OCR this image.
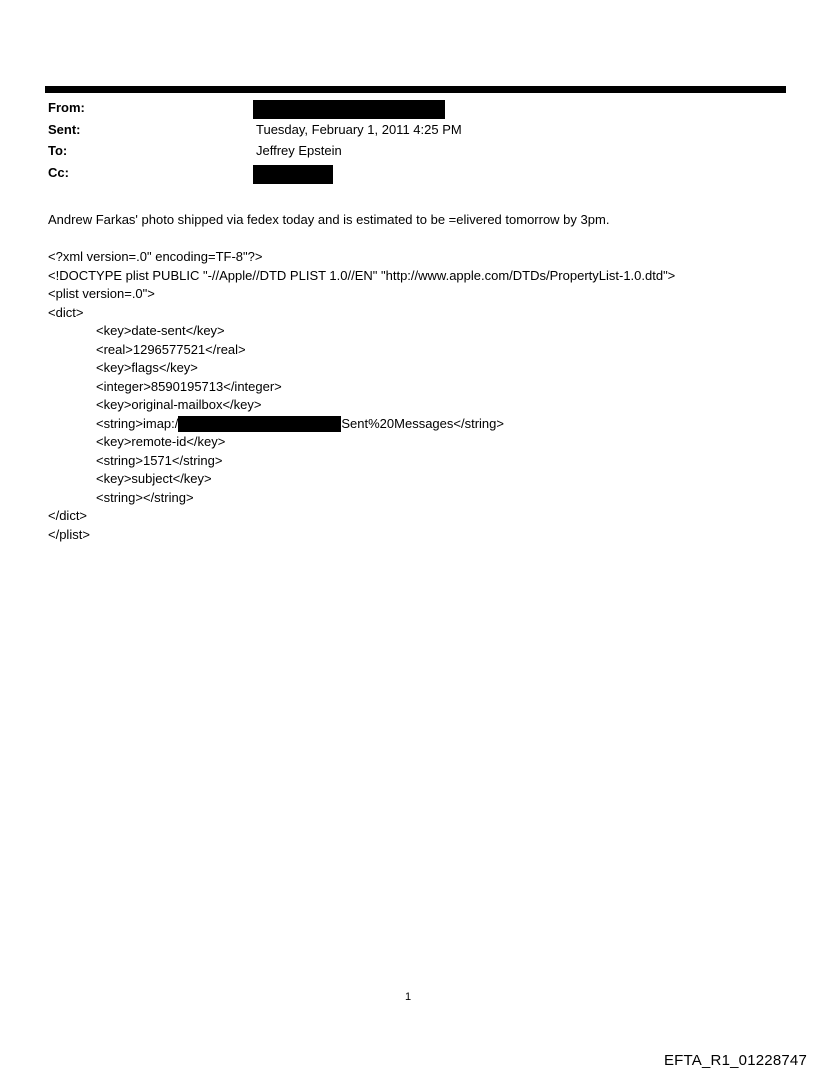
From:
Sent:	Tuesday, February 1, 2011 4:25 PM
To:	Jeffrey Epstein
Cc:
Andrew Farkas' photo shipped via fedex today and is estimated to be =elivered tomorrow by 3pm.

<?xml version=.0" encoding=TF-8"?>
<!DOCTYPE plist PUBLIC "-//Apple//DTD PLIST 1.0//EN" "http://www.apple.com/DTDs/PropertyList-1.0.dtd">
<plist version=.0">
<dict>
<key>date-sent</key>
<real>1296577521</real>
<key>flags</key>
<integer>8590195713</integer>
<key>original-mailbox</key>
<string>imap:/	Sent%20Messages</string>
<key>remote-id</key>
<string>1571</string>
<key>subject</key>
<string></string>
</dict>
</plist>
1
EFTA_R1_01228747
